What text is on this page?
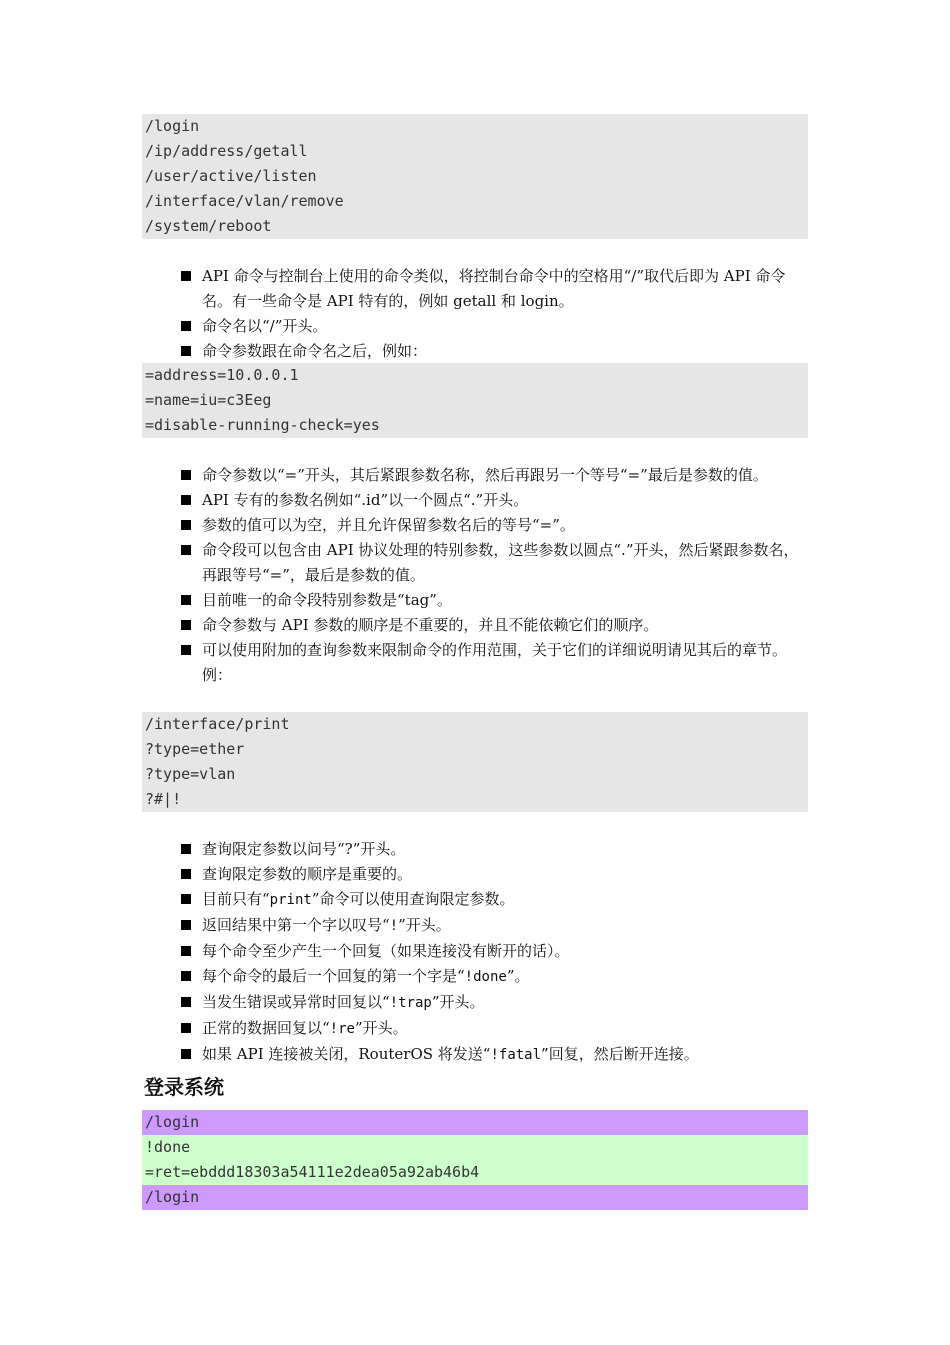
/login
/ip/address/getall
/user/active/listen
/interface/vlan/remove
/system/reboot
API 命令与控制台上使用的命令类似，将控制台命令中的空格用“/”取代后即为 API 命令名。有一些命令是 API 特有的，例如 getall 和 login。
命令名以“/”开头。
命令参数跟在命令名之后，例如：
=address=10.0.0.1
=name=iu=c3Eeg
=disable-running-check=yes
命令参数以“=”开头，其后紧跟参数名称，然后再跟另一个等号“=”最后是参数的值。
API 专有的参数名例如“.id”以一个圆点“.”开头。
参数的值可以为空，并且允许保留参数名后的等号“=”。
命令段可以包含由 API 协议处理的特别参数，这些参数以圆点“.”开头，然后紧跟参数名，再跟等号“=”，最后是参数的值。
目前唯一的命令段特别参数是“tag”。
命令参数与 API 参数的顺序是不重要的，并且不能依赖它们的顺序。
可以使用附加的查询参数来限制命令的作用范围，关于它们的详细说明请见其后的章节。例：
/interface/print
?type=ether
?type=vlan
?#|!
查询限定参数以问号“?”开头。
查询限定参数的顺序是重要的。
目前只有“print”命令可以使用查询限定参数。
返回结果中第一个字以叹号“!”开头。
每个命令至少产生一个回复（如果连接没有断开的话）。
每个命令的最后一个回复的第一个字是“!done”。
当发生错误或异常时回复以“!trap”开头。
正常的数据回复以“!re”开头。
如果 API 连接被关闭，RouterOS 将发送“!fatal”回复，然后断开连接。
登录系统
/login
!done
=ret=ebddd18303a54111e2dea05a92ab46b4
/login
